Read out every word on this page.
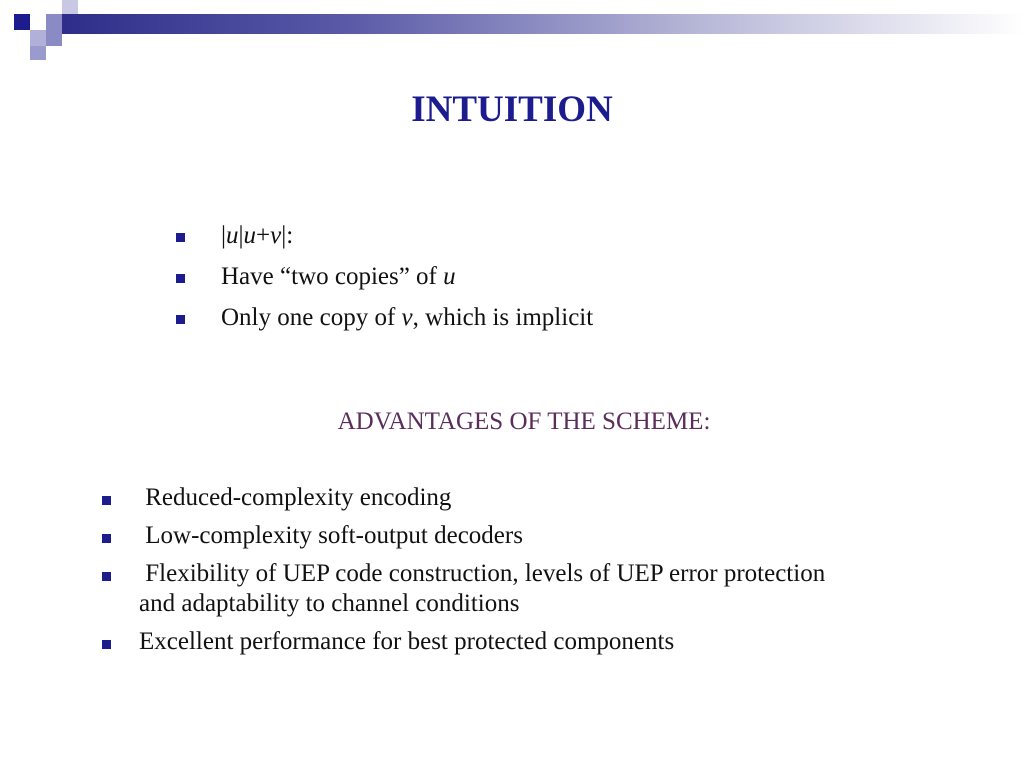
INTUITION
|u|u+v|:
Have “two copies” of u
Only one copy of v, which is implicit

ADVANTAGES OF THE SCHEME:

Reduced-complexity encoding
Low-complexity soft-output decoders
Flexibility of UEP code construction, levels of UEP error protection and adaptability to channel conditions
Excellent performance for best protected components
